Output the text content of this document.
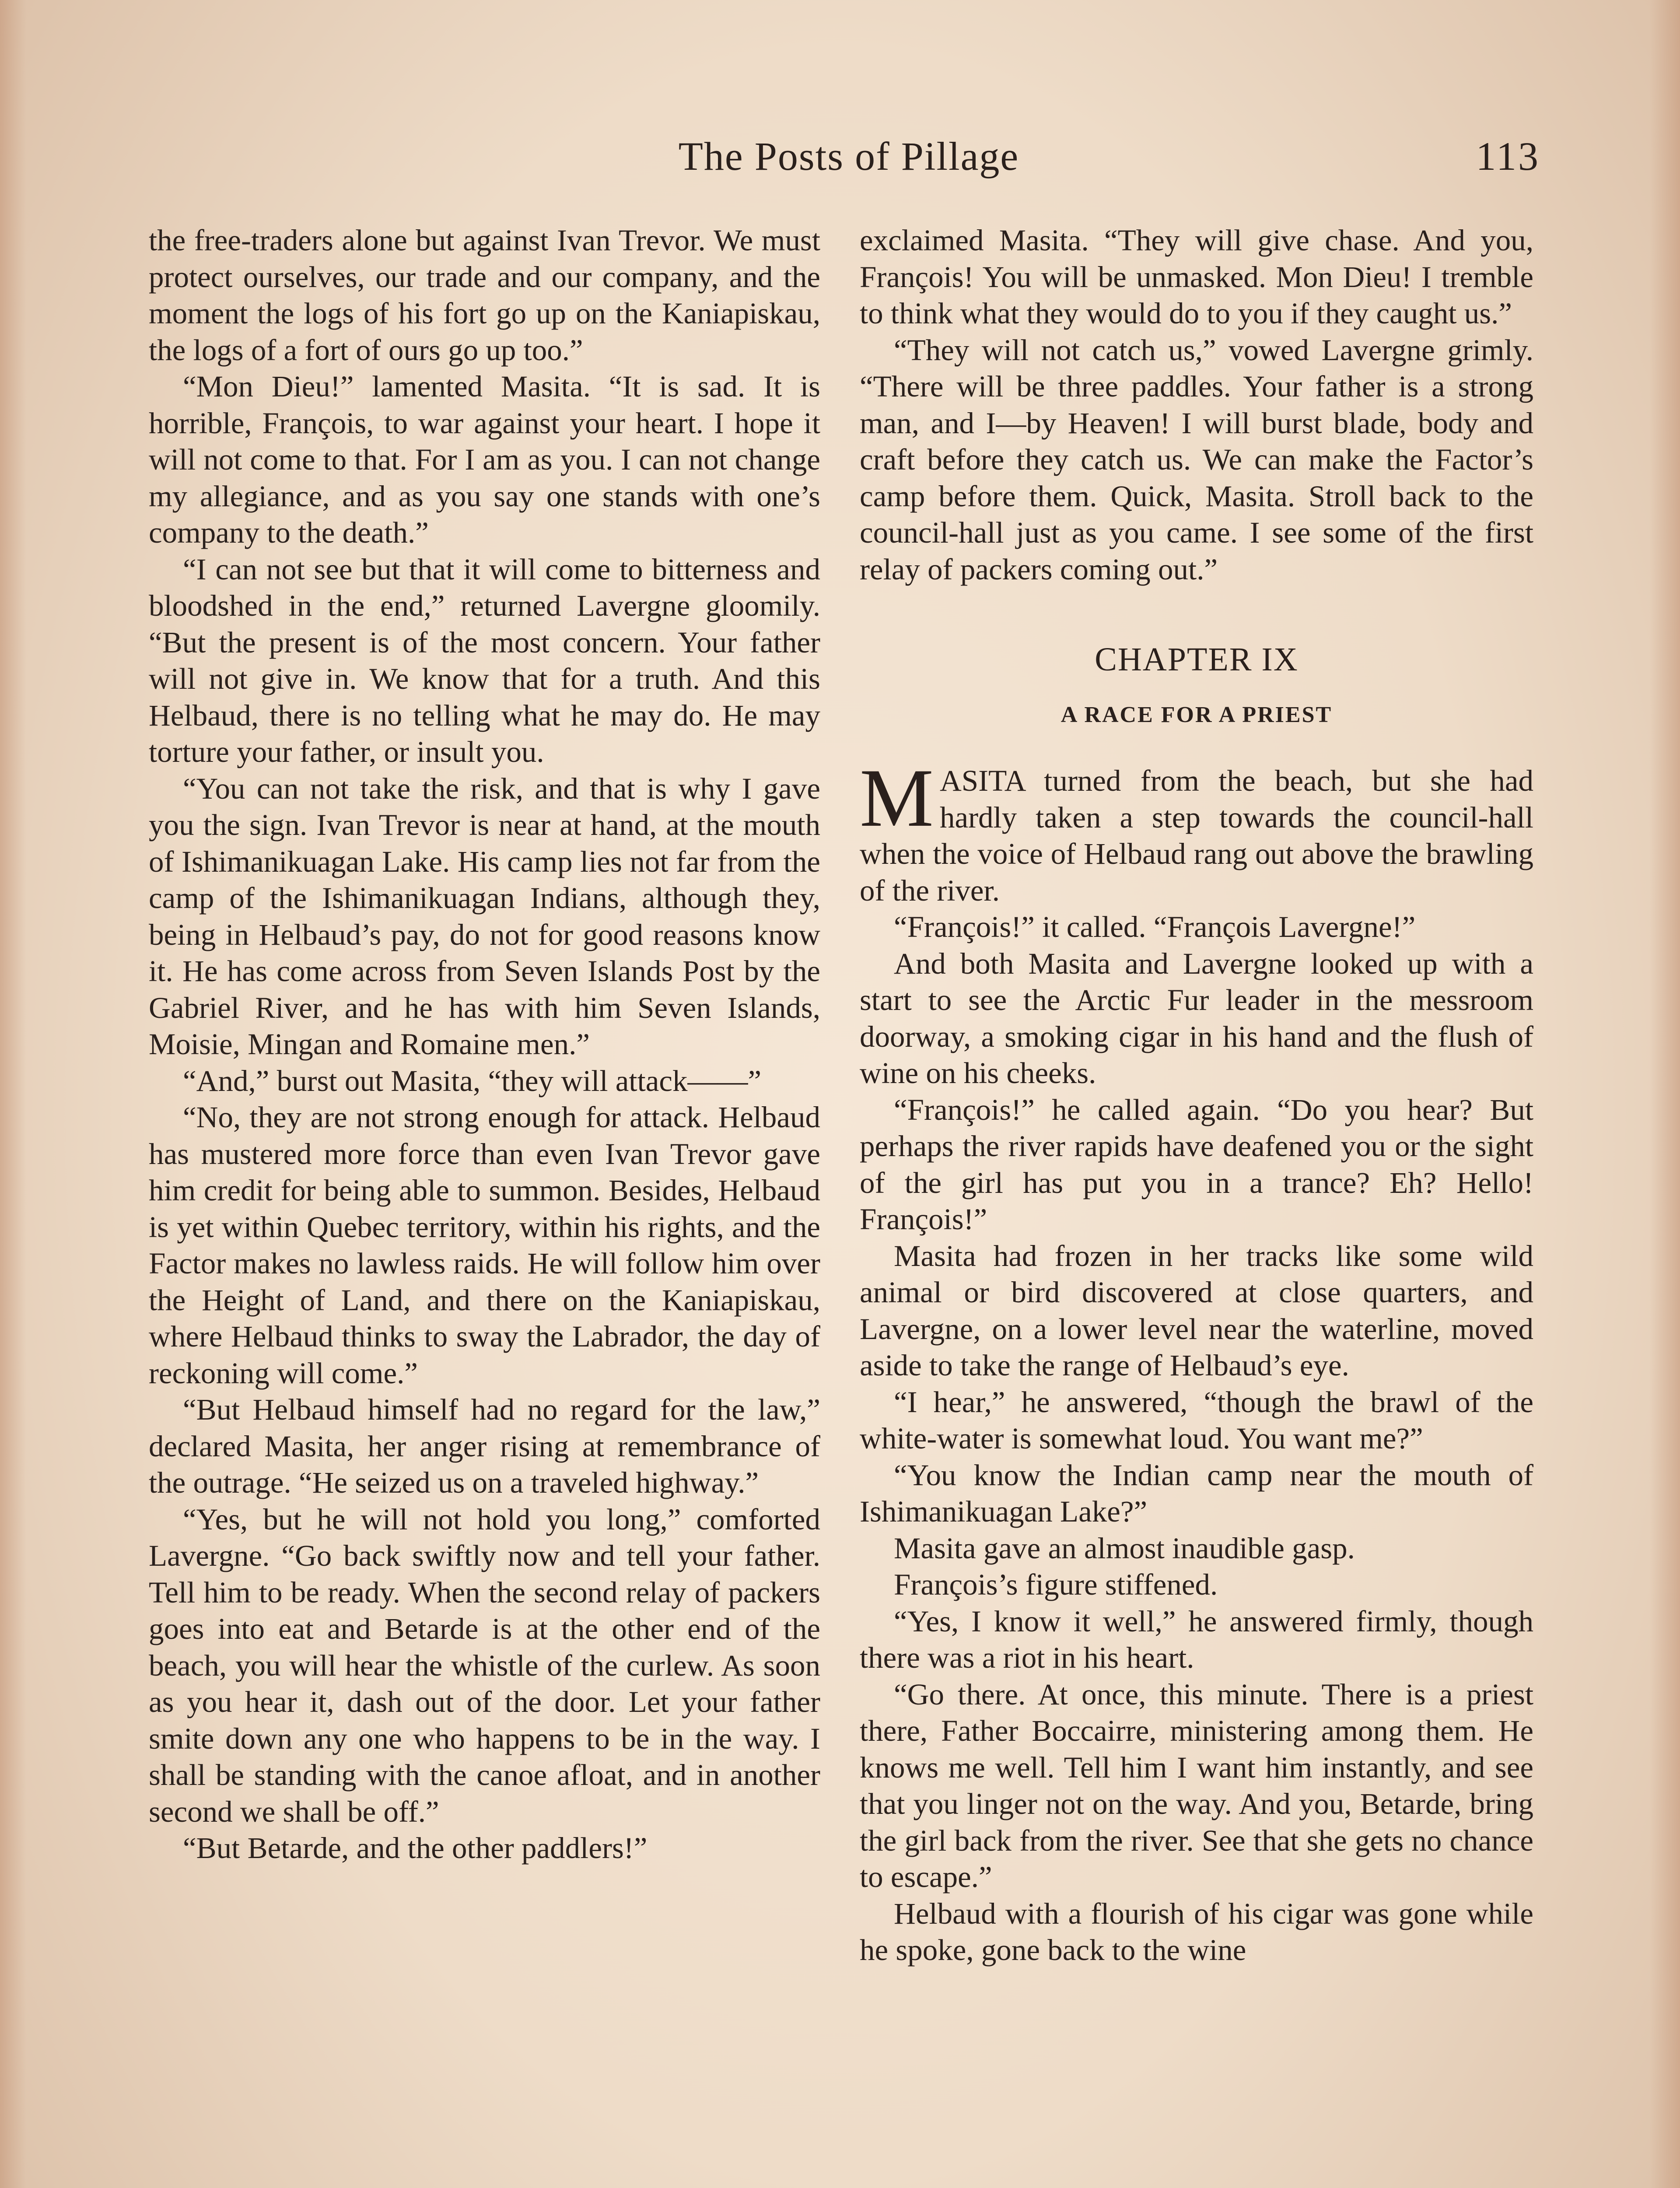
The Posts of Pillage	113

the free-traders alone but against Ivan Trevor. We must protect ourselves, our trade and our company, and the moment the logs of his fort go up on the Kaniapiskau, the logs of a fort of ours go up too.”

“Mon Dieu!” lamented Masita. “It is sad. It is horrible, François, to war against your heart. I hope it will not come to that. For I am as you. I can not change my allegiance, and as you say one stands with one’s company to the death.”

“I can not see but that it will come to bitterness and bloodshed in the end,” returned Lavergne gloomily. “But the present is of the most concern. Your father will not give in. We know that for a truth. And this Helbaud, there is no telling what he may do. He may torture your father, or insult you.

“You can not take the risk, and that is why I gave you the sign. Ivan Trevor is near at hand, at the mouth of Ishimanikuagan Lake. His camp lies not far from the camp of the Ishimanikuagan Indians, although they, being in Helbaud’s pay, do not for good reasons know it. He has come across from Seven Islands Post by the Gabriel River, and he has with him Seven Islands, Moisie, Mingan and Romaine men.”

“And,” burst out Masita, “they will attack——”

“No, they are not strong enough for attack. Helbaud has mustered more force than even Ivan Trevor gave him credit for being able to summon. Besides, Helbaud is yet within Quebec territory, within his rights, and the Factor makes no lawless raids. He will follow him over the Height of Land, and there on the Kaniapiskau, where Helbaud thinks to sway the Labrador, the day of reckoning will come.”

“But Helbaud himself had no regard for the law,” declared Masita, her anger rising at remembrance of the outrage. “He seized us on a traveled highway.”

“Yes, but he will not hold you long,” comforted Lavergne. “Go back swiftly now and tell your father. Tell him to be ready. When the second relay of packers goes into eat and Betarde is at the other end of the beach, you will hear the whistle of the curlew. As soon as you hear it, dash out of the door. Let your father smite down any one who happens to be in the way. I shall be standing with the canoe afloat, and in another second we shall be off.”

“But Betarde, and the other paddlers!”

exclaimed Masita. “They will give chase. And you, François! You will be unmasked. Mon Dieu! I tremble to think what they would do to you if they caught us.”

“They will not catch us,” vowed Lavergne grimly. “There will be three paddles. Your father is a strong man, and I—by Heaven! I will burst blade, body and craft before they catch us. We can make the Factor’s camp before them. Quick, Masita. Stroll back to the council-hall just as you came. I see some of the first relay of packers coming out.”

CHAPTER IX
A RACE FOR A PRIEST

MASITA turned from the beach, but she had hardly taken a step towards the council-hall when the voice of Helbaud rang out above the brawling of the river.

“François!” it called. “François Lavergne!”

And both Masita and Lavergne looked up with a start to see the Arctic Fur leader in the messroom doorway, a smoking cigar in his hand and the flush of wine on his cheeks.

“François!” he called again. “Do you hear? But perhaps the river rapids have deafened you or the sight of the girl has put you in a trance? Eh? Hello! François!”

Masita had frozen in her tracks like some wild animal or bird discovered at close quarters, and Lavergne, on a lower level near the waterline, moved aside to take the range of Helbaud’s eye.

“I hear,” he answered, “though the brawl of the white-water is somewhat loud. You want me?”

“You know the Indian camp near the mouth of Ishimanikuagan Lake?”

Masita gave an almost inaudible gasp.

François’s figure stiffened.

“Yes, I know it well,” he answered firmly, though there was a riot in his heart.

“Go there. At once, this minute. There is a priest there, Father Boccairre, ministering among them. He knows me well. Tell him I want him instantly, and see that you linger not on the way. And you, Betarde, bring the girl back from the river. See that she gets no chance to escape.”

Helbaud with a flourish of his cigar was gone while he spoke, gone back to the wine
